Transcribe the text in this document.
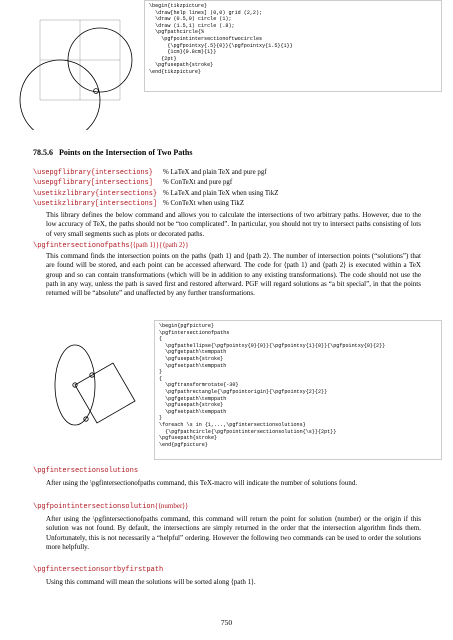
\begin{tikzpicture}
\draw[help lines] (0,0) grid (2,2);
\draw (0.5,0) circle (1);
\draw (1.5,1) circle (.8);
\pgfpathcircle{%
\pgfpointintersectionoftwocircles
{\pgfpointxy{.5}{0}}{\pgfpointxy{1.5}{1}}
{1cm}{0.8cm}{1}}
{2pt}
\pgfusepath{stroke}
\end{tikzpicture}
78.5.6 Points on the Intersection of Two Paths
\usepgflibrary{intersections} % LaTeX and plain TeX and pure pgf
\usepgflibrary[intersections] % ConTeXt and pure pgf
\usetikzlibrary{intersections} % LaTeX and plain TeX when using TikZ
\usetikzlibrary[intersections] % ConTeXt when using TikZ
This library defines the below command and allows you to calculate the intersections of two arbitrary paths. However, due to the low accuracy of TeX, the paths should not be “too complicated”. In particular, you should not try to intersect paths consisting of lots of very small segments such as plots or decorated paths.
\pgfintersectionofpaths{⟨path 1⟩}{⟨path 2⟩}
This command finds the intersection points on the paths ⟨path 1⟩ and ⟨path 2⟩. The number of intersection points (“solutions”) that are found will be stored, and each point can be accessed afterward. The code for ⟨path 1⟩ and ⟨path 2⟩ is executed within a TeX group and so can contain transformations (which will be in addition to any existing transformations). The code should not use the path in any way, unless the path is saved first and restored afterward. PGF will regard solutions as “a bit special”, in that the points returned will be “absolute” and unaffected by any further transformations.
\begin{pgfpicture}
\pgfintersectionofpaths
{
\pgfpathellipse{\pgfpointxy{0}{0}}{\pgfpointxy{1}{0}}{\pgfpointxy{0}{2}}
\pgfgetpath\temppath
\pgfusepath{stroke}
\pgfsetpath\temppath
}
{
\pgftransformrotate{-30}
\pgfpathrectangle{\pgfpointorigin}{\pgfpointxy{2}{2}}
\pgfgetpath\temppath
\pgfusepath{stroke}
\pgfsetpath\temppath
}
\foreach \s in {1,...,\pgfintersectionsolutions}
{\pgfpathcircle{\pgfpointintersectionsolution{\s}}{2pt}}
\pgfusepath{stroke}
\end{pgfpicture}
\pgfintersectionsolutions
After using the \pgfintersectionofpaths command, this TeX-macro will indicate the number of solutions found.
\pgfpointintersectionsolution{⟨number⟩}
After using the \pgfintersectionofpaths command, this command will return the point for solution ⟨number⟩ or the origin if this solution was not found. By default, the intersections are simply returned in the order that the intersection algorithm finds them. Unfortunately, this is not necessarily a “helpful” ordering. However the following two commands can be used to order the solutions more helpfully.
\pgfintersectionsortbyfirstpath
Using this command will mean the solutions will be sorted along ⟨path 1⟩.
750
